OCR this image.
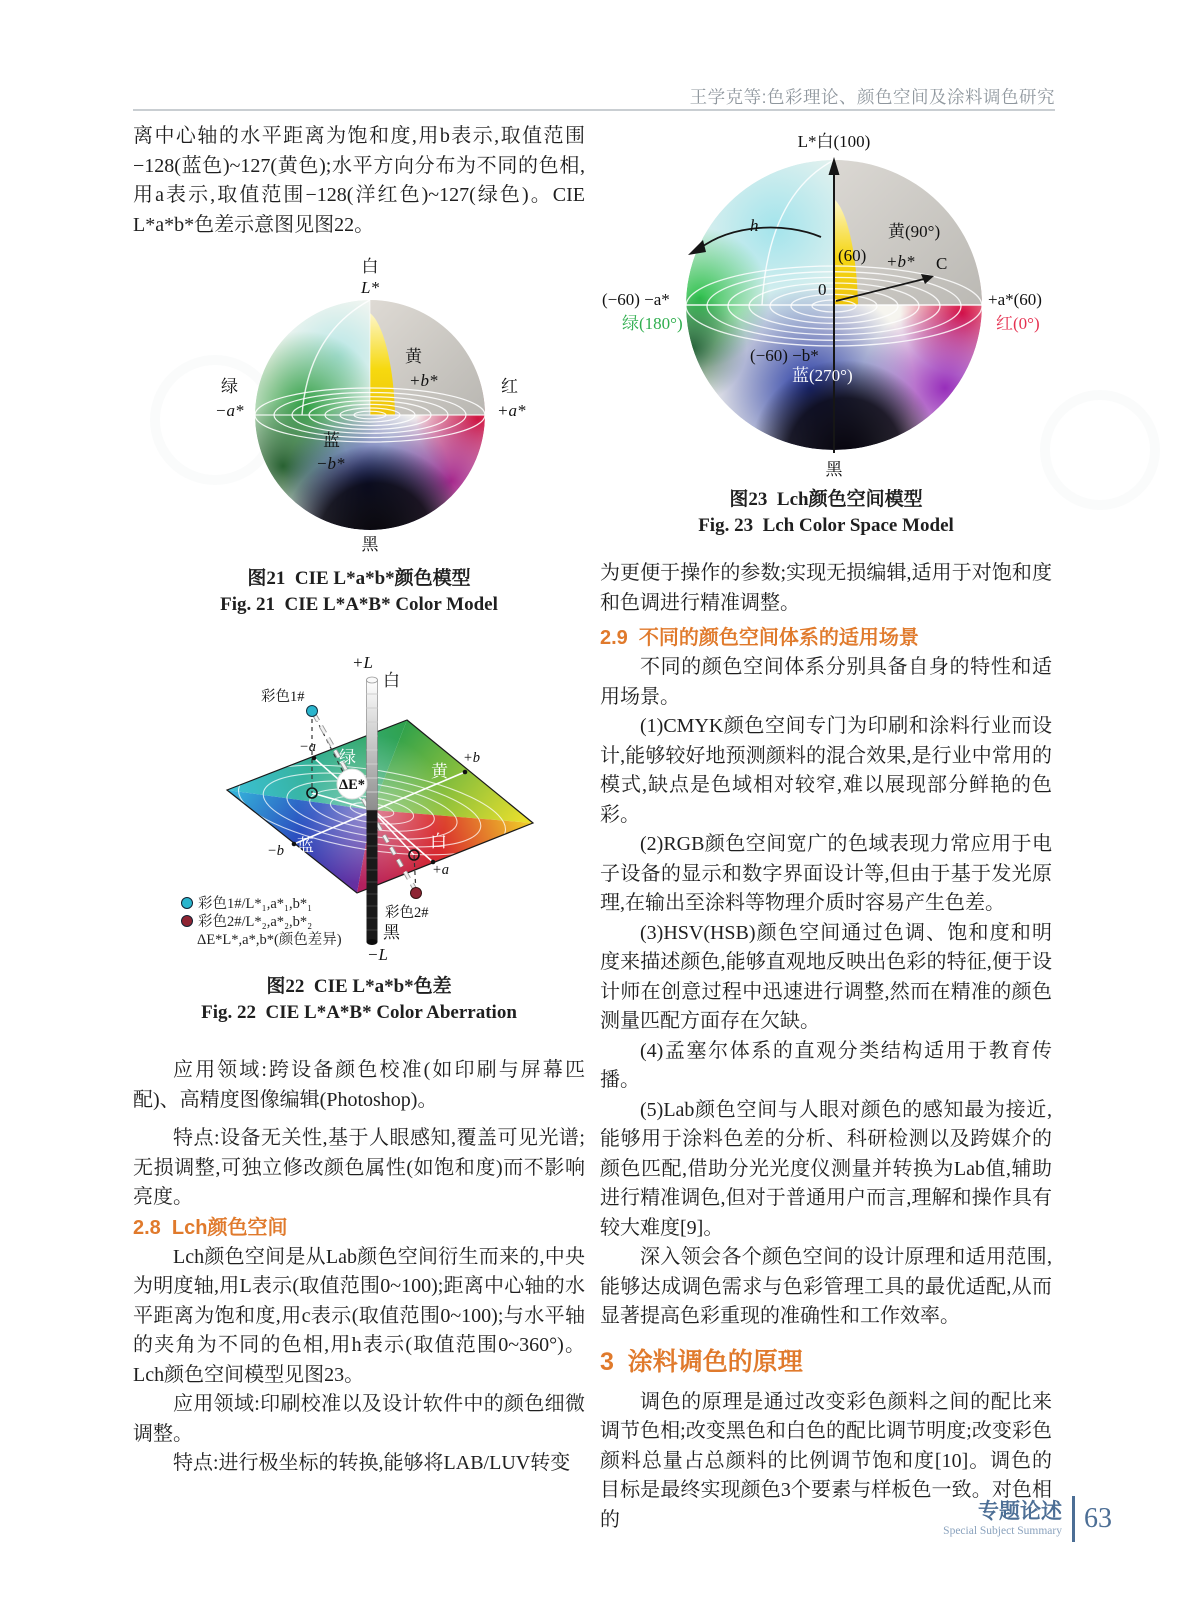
王学克等:色彩理论、颜色空间及涂料调色研究

离中心轴的水平距离为饱和度,用b表示,取值范围−128(蓝色)~127(黄色);水平方向分布为不同的色相,用a表示,取值范围−128(洋红色)~127(绿色)。CIE L*a*b*色差示意图见图22。

白
L*
黄
+b*
绿
−a*
红
+a*
蓝
−b*
黑
图21  CIE L*a*b*颜色模型
Fig. 21  CIE L*A*B* Color Model
+L
白
彩色1#
−a
绿
黄
+b
ΔE*
蓝
−b	白
+a
彩色2#
黑
−L
彩色1#/L*₁,a*₁,b*₁
彩色2#/L*₂,a*₂,b*₂
ΔE*L*,a*,b*(颜色差异)
图22  CIE L*a*b*色差
Fig. 22  CIE L*A*B* Color Aberration

应用领域:跨设备颜色校准(如印刷与屏幕匹配)、高精度图像编辑(Photoshop)。

特点:设备无关性,基于人眼感知,覆盖可见光谱;无损调整,可独立修改颜色属性(如饱和度)而不影响亮度。

2.8  Lch颜色空间

Lch颜色空间是从Lab颜色空间衍生而来的,中央为明度轴,用L表示(取值范围0~100);距离中心轴的水平距离为饱和度,用c表示(取值范围0~100);与水平轴的夹角为不同的色相,用h表示(取值范围0~360°)。Lch颜色空间模型见图23。

应用领域:印刷校准以及设计软件中的颜色细微调整。

特点:进行极坐标的转换,能够将LAB/LUV转变

L*白(100)
h	黄(90°)
(60) +b* C
0
(−60) −a*
绿(180°)
+a*(60)
红(0°)
(−60) −b*
蓝(270°)
黑
图23  Lch颜色空间模型
Fig. 23  Lch Color Space Model

为更便于操作的参数;实现无损编辑,适用于对饱和度和色调进行精准调整。

2.9  不同的颜色空间体系的适用场景

不同的颜色空间体系分别具备自身的特性和适用场景。

(1)CMYK颜色空间专门为印刷和涂料行业而设计,能够较好地预测颜料的混合效果,是行业中常用的模式,缺点是色域相对较窄,难以展现部分鲜艳的色彩。

(2)RGB颜色空间宽广的色域表现力常应用于电子设备的显示和数字界面设计等,但由于基于发光原理,在输出至涂料等物理介质时容易产生色差。

(3)HSV(HSB)颜色空间通过色调、饱和度和明度来描述颜色,能够直观地反映出色彩的特征,便于设计师在创意过程中迅速进行调整,然而在精准的颜色测量匹配方面存在欠缺。

(4)孟塞尔体系的直观分类结构适用于教育传播。

(5)Lab颜色空间与人眼对颜色的感知最为接近,能够用于涂料色差的分析、科研检测以及跨媒介的颜色匹配,借助分光光度仪测量并转换为Lab值,辅助进行精准调色,但对于普通用户而言,理解和操作具有较大难度[9]。

深入领会各个颜色空间的设计原理和适用范围,能够达成调色需求与色彩管理工具的最优适配,从而显著提高色彩重现的准确性和工作效率。

3  涂料调色的原理

调色的原理是通过改变彩色颜料之间的配比来调节色相;改变黑色和白色的配比调节明度;改变彩色颜料总量占总颜料的比例调节饱和度[10]。调色的目标是最终实现颜色3个要素与样板色一致。对色相的	专题论述
Special Subject Summary 63
